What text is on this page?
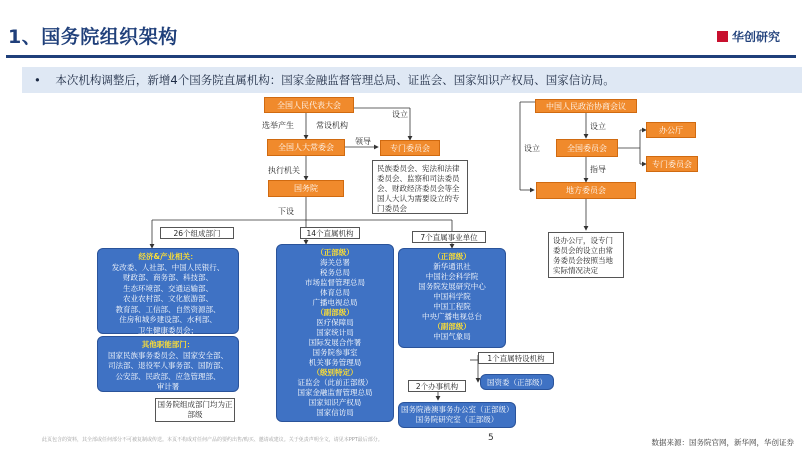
1、国务院组织架构	华创研究
• 本次机构调整后，新增4个国务院直属机构：国家金融监督管理总局、证监会、国家知识产权局、国家信访局。
全国人民代表大会
选举产生	常设机构
设立
全国人大常委会
领导
专门委员会
民族委员会、宪法和法律委员会、监察和司法委员会、财政经济委员会等全国人大认为需要设立的专门委员会
执行机关
国务院
下设
中国人民政治协商会议
设立
设立	全国委员会
办公厅
专门委员会
指导
地方委员会
设办公厅，设专门委员会的设立由常务委员会按照当地实际情况决定
26个组成部门	14个直属机构	7个直属事业单位
1个直属特设机构
2个办事机构
经济&产业相关：
发改委、人社部、中国人民银行、
财政部、商务部、科技部、
生态环境部、交通运输部、
农业农村部、文化旅游部、
教育部、工信部、自然资源部、
住房和城乡建设部、水利部、
卫生健康委员会；
其他职能部门：
国家民族事务委员会、国家安全部、
司法部、退役军人事务部、国防部、
公安部、民政部、应急管理部、
审计署
国务院组成部门均为正部级
（正部级）
海关总署
税务总局
市场监督管理总局
体育总局
广播电视总局
（副部级）
医疗保障局
国家统计局
国际发展合作署
国务院参事室
机关事务管理局
（级别特定）
证监会（此前正部级）
国家金融监督管理总局
国家知识产权局
国家信访局
（正部级）
新华通讯社
中国社会科学院
国务院发展研究中心
中国科学院
中国工程院
中央广播电视总台
（副部级）
中国气象局
国资委（正部级）
国务院港澳事务办公室（正部级）
国务院研究室（正部级）
此页包含的资料，其全部或任何部分不可被复制或传送。本页不构成对任何产品的要约出售/购买、邀请或建议。关于免责声明全文，请见本PPT最后部分。	5	数据来源：国务院官网，新华网，华创证券
